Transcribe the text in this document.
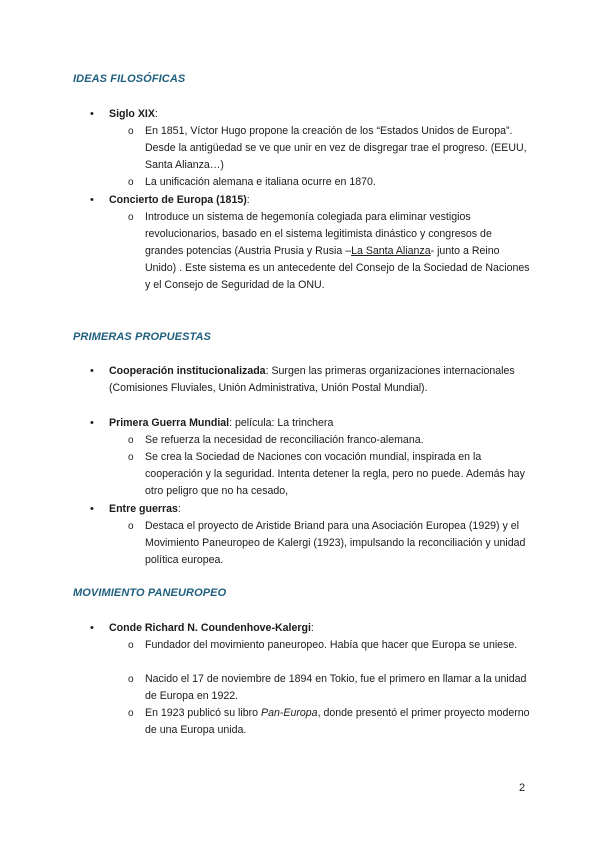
IDEAS FILOSÓFICAS
• Siglo XIX:
o En 1851, Víctor Hugo propone la creación de los “Estados Unidos de Europa”. Desde la antigüedad se ve que unir en vez de disgregar trae el progreso. (EEUU, Santa Alianza…)
o La unificación alemana e italiana ocurre en 1870.
• Concierto de Europa (1815):
o Introduce un sistema de hegemonía colegiada para eliminar vestigios revolucionarios, basado en el sistema legitimista dinástico y congresos de grandes potencias (Austria Prusia y Rusia –La Santa Alianza- junto a Reino Unido) . Este sistema es un antecedente del Consejo de la Sociedad de Naciones y el Consejo de Seguridad de la ONU.
PRIMERAS PROPUESTAS
• Cooperación institucionalizada: Surgen las primeras organizaciones internacionales (Comisiones Fluviales, Unión Administrativa, Unión Postal Mundial).
• Primera Guerra Mundial: película: La trinchera
o Se refuerza la necesidad de reconciliación franco-alemana.
o Se crea la Sociedad de Naciones con vocación mundial, inspirada en la cooperación y la seguridad. Intenta detener la regla, pero no puede. Además hay otro peligro que no ha cesado,
• Entre guerras:
o Destaca el proyecto de Aristide Briand para una Asociación Europea (1929) y el Movimiento Paneuropeo de Kalergi (1923), impulsando la reconciliación y unidad política europea.
MOVIMIENTO PANEUROPEO
• Conde Richard N. Coundenhove-Kalergi:
o Fundador del movimiento paneuropeo. Había que hacer que Europa se uniese.
o Nacido el 17 de noviembre de 1894 en Tokio, fue el primero en llamar a la unidad de Europa en 1922.
o En 1923 publicó su libro Pan-Europa, donde presentó el primer proyecto moderno de una Europa unida.
2
